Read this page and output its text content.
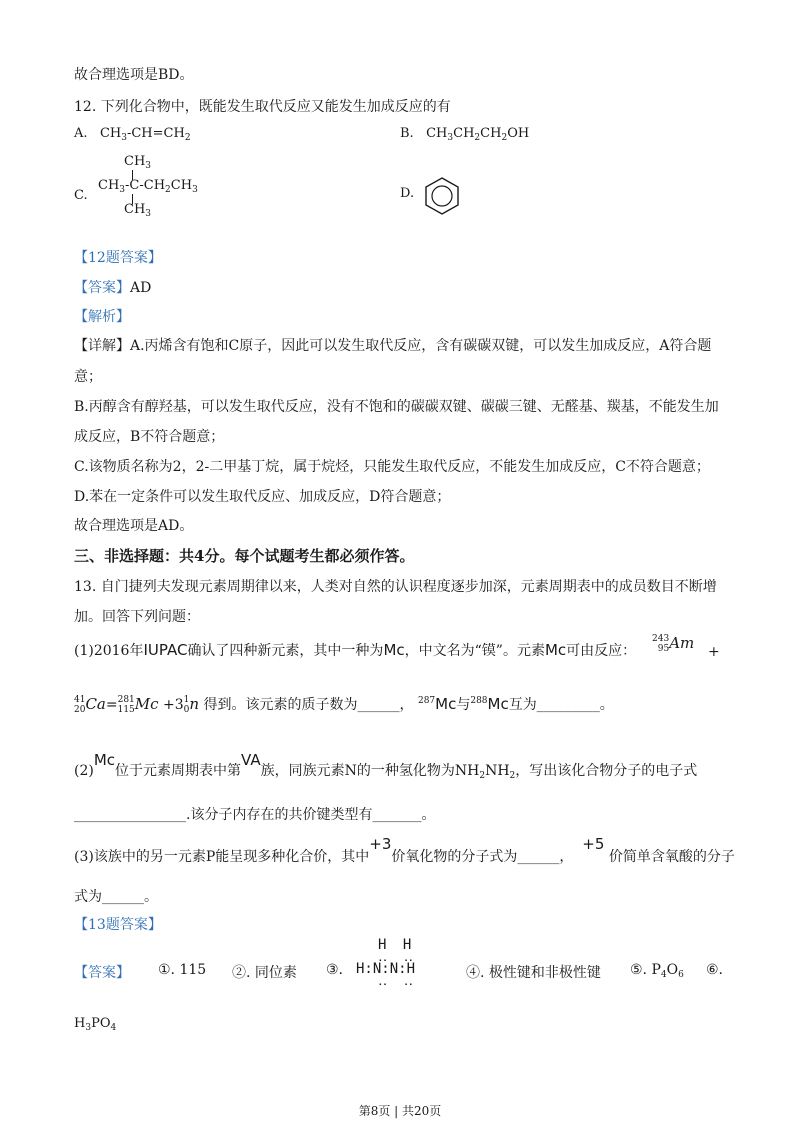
故合理选项是BD。
12. 下列化合物中，既能发生取代反应又能发生加成反应的有
A. $CH_3-CH=CH_2$	B. $CH_3CH_2CH_2OH$
C.
$CH_3$
$CH_3-C-CH_2CH_3$
$CH_3$
D.
【12题答案】
【答案】AD
【解析】
【详解】A.丙烯含有饱和C原子，因此可以发生取代反应，含有碳碳双键，可以发生加成反应，A符合题
意；
B.丙醇含有醇羟基，可以发生取代反应，没有不饱和的碳碳双键、碳碳三键、无醛基、羰基，不能发生加
成反应，B不符合题意；
C.该物质名称为2，2-二甲基丁烷，属于烷烃，只能发生取代反应，不能发生加成反应，C不符合题意；
D.苯在一定条件可以发生取代反应、加成反应，D符合题意；
故合理选项是AD。
三、非选择题：共4分。每个试题考生都必须作答。
13. 自门捷列夫发现元素周期律以来，人类对自然的认识程度逐步加深，元素周期表中的成员数目不断增
加。回答下列问题：
(1)2016年IUPAC确认了四种新元素，其中一种为Mc，中文名为“镆”。元素Mc可由反应：
243
95Am +
41
20Ca=281
115Mc +31
0n 得到。该元素的质子数为______， $^{287}$Mc与$^{288}$Mc互为_________。
(2)Mc位于元素周期表中第VA族，同族元素N的一种氢化物为$NH_2NH_2$，写出该化合物分子的电子式
________________.该分子内存在的共价键类型有_______。
(3)该族中的另一元素P能呈现多种化合价，其中+3价氧化物的分子式为______，  +5 价简单含氧酸的分子
式为______。
【13题答案】
【答案】 ①. 115 ②. 同位素 ③.
H H
‥ ‥
H:N:N:H
‥ ‥	④. 极性键和非极性键 ⑤. $P_4O_6$ ⑥.
$H_3PO_4$
第8页 | 共20页
